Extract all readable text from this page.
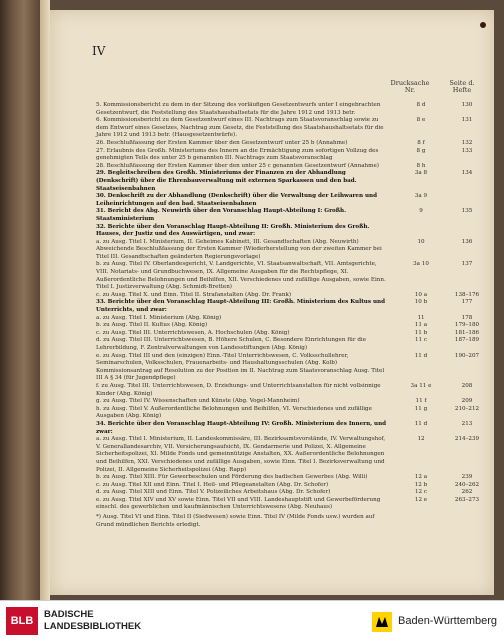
IV
Drucksache Nr.
Seite d. Hefte
5. Kommissionsbericht zu dem in der Sitzung des vorläufigen Gesetzentwurfs unter I eingebrachten Gesetzentwurf, die Feststellung des Staatshaushaltsetats für die Jahre 1912 und 1913 betr.
8 d	130
6. Kommissionsbericht zu dem Gesetzentwurf eines III. Nachtrags zum Staatsvoranschlag sowie zu dem Entwurf eines Gesetzes, Nachtrag zum Gesetz, die Feststellung des Staatshaushaltsetats für die Jahre 1912 und 1913 betr. (Hausgesetzentwürfe).
8 e	131
26. Beschlußfassung der Ersten Kammer über den Gesetzentwurf unter 25 b (Annahme)	8 f	132
27. Erlaubnis des Großh. Ministeriums des Innern an die Ermächtigung zum sofortigen Vollzug des genehmigten Teils des unter 25 b genannten III. Nachtrags zum Staatsvoranschlag
8 g	133
28. Beschlußfassung der Ersten Kammer über den unter 25 c genannten Gesetzentwurf (Annahme)	8 h
29. Begleitschreiben des Großh. Ministeriums der Finanzen zu der Abhandlung (Denkschrift) über die Ehrenbauverwaltung mit externen Sparkassen und den bad. Staatseisenbahnen
3a 8	134
30. Denkschrift zu der Abhandlung (Denkschrift) über die Verwaltung der Leihwaren und Leiheinrichtungen auf den bad. Staatseisenbahnen
3a 9
31. Bericht des Abg. Neuwirth über den Voranschlag Haupt-Abteilung I: Großh. Staatsministerium
9	135
32. Berichte über den Voranschlag Haupt-Abteilung II: Großh. Ministerium des Großh. Hauses, der Justiz und des Auswärtigen, und zwar:
a. zu Ausg. Titel I. Ministerium, II. Geheimes Kabinett, III. Gesandtschaften (Abg. Neuwirth) Abweichende Beschlußfassung der Ersten Kammer (Wiederherstellung von der zweiten Kammer bei Titel III. Gesandtschaften geänderten Regierungsvorlage)
10	136
b. zu Ausg. Titel IV. Oberlandesgericht, V. Landgerichte, VI. Staatsanwaltschaft, VII. Amtsgerichte, VIII. Notariats- und Grundbuchwesen, IX. Allgemeine Ausgaben für die Rechtspflege, XI. Außerordentliche Belohnungen und Beihilfen, XII. Verschiedenes und zufällige Ausgaben, sowie Einn. Titel I. Justizverwaltung (Abg. Schmidt-Bretten)
3a 10	137
c. zu Ausg. Titel X. und Einn. Titel II. Strafanstalten (Abg. Dr. Frank)	10 a	138–176
33. Berichte über den Voranschlag Haupt-Abteilung III: Großh. Ministerium des Kultus und Unterrichts, und zwar:
10 b	177
a. zu Ausg. Titel I. Ministerium (Abg. König)	11	178
b. zu Ausg. Titel II. Kultus (Abg. König)	11 a	179–180
c. zu Ausg. Titel III. Unterrichtswesen, A. Hochschulen (Abg. König)	11 b	181–186
d. zu Ausg. Titel III. Unterrichtswesen, B. Höhere Schulen, C. Besondere Einrichtungen für die Lehrerbildung, F. Zentralverwaltungen von Landesstiftungen (Abg. König)
11 c	187–189
e. zu Ausg. Titel III und den (einzigen) Einn.-Titel Unterrichtswesen, C. Volksschullehrer, Seminarschulen, Volksschulen, Frauenarbeits- und Haushaltungsschulen (Abg. Kolb)
11 d	190–207
Kommissionsantrag auf Resolution zu der Position im II. Nachtrag zum Staatsvoranschlag Ausg. Titel III A § 34 (für Jugendpflege)
f. zu Ausg. Titel III. Unterrichtswesen, D. Erziehungs- und Unterrichtsanstalten für nicht vollsinnige Kinder (Abg. König)
3a 11 e	208
g. zu Ausg. Titel IV. Wissenschaften und Künste (Abg. Vogel-Mannheim)	11 f	209
h. zu Ausg. Titel V. Außerordentliche Belohnungen und Beihilfen, VI. Verschiedenes und zufällige Ausgaben (Abg. König)
11 g	210–212
34. Berichte über den Voranschlag Haupt-Abteilung IV: Großh. Ministerium des Innern, und zwar:
11 d	213
a. zu Ausg. Titel I. Ministerium, II. Landeskommissäre, III. Bezirksamtsvorstände, IV. Verwaltungshof, V. Generallandesarchiv, VII. Versicherungsaufsicht, IX. Gendarmerie und Polizei, X. Allgemeine Sicherheitspolizei, XI. Milde Fonds und gemeinnützige Anstalten, XX. Außerordentliche Belohnungen und Beihilfen, XXI. Verschiedenes und zufällige Ausgaben, sowie Einn. Titel I. Bezirksverwaltung und Polizei, II. Allgemeine Sicherheitspolizei (Abg. Rapp)
12	214–239
b. zu Ausg. Titel XIII. Für Gewerbeschulen und Förderung des badischen Gewerbes (Abg. Willi)	12 a	239
c. zu Ausg. Titel XII und Einn. Titel I. Heil- und Pflegeanstalten (Abg. Dr. Schofer)	12 b	240–262
d. zu Ausg. Titel XIII und Einn. Titel V. Polizeiliches Arbeitshaus (Abg. Dr. Schofer)	12 c	262
e. zu Ausg. Titel XIV und XV sowie Einn. Titel VII und VIII. Landeshauptstift und Gewerbeförderung einschl. des gewerblichen und kaufmännischen Unterrichtswesens (Abg. Neuhaus)
12 e	263–273
*) Ausg. Titel VI und Einn. Titel II (Siedwesen) sowie Einn. Titel IV (Milde Fonds usw.) wurden auf Grund mündlichen Berichts erledigt.
BLB
BADISCHE
LANDESBIBLIOTHEK	Baden-Württemberg
